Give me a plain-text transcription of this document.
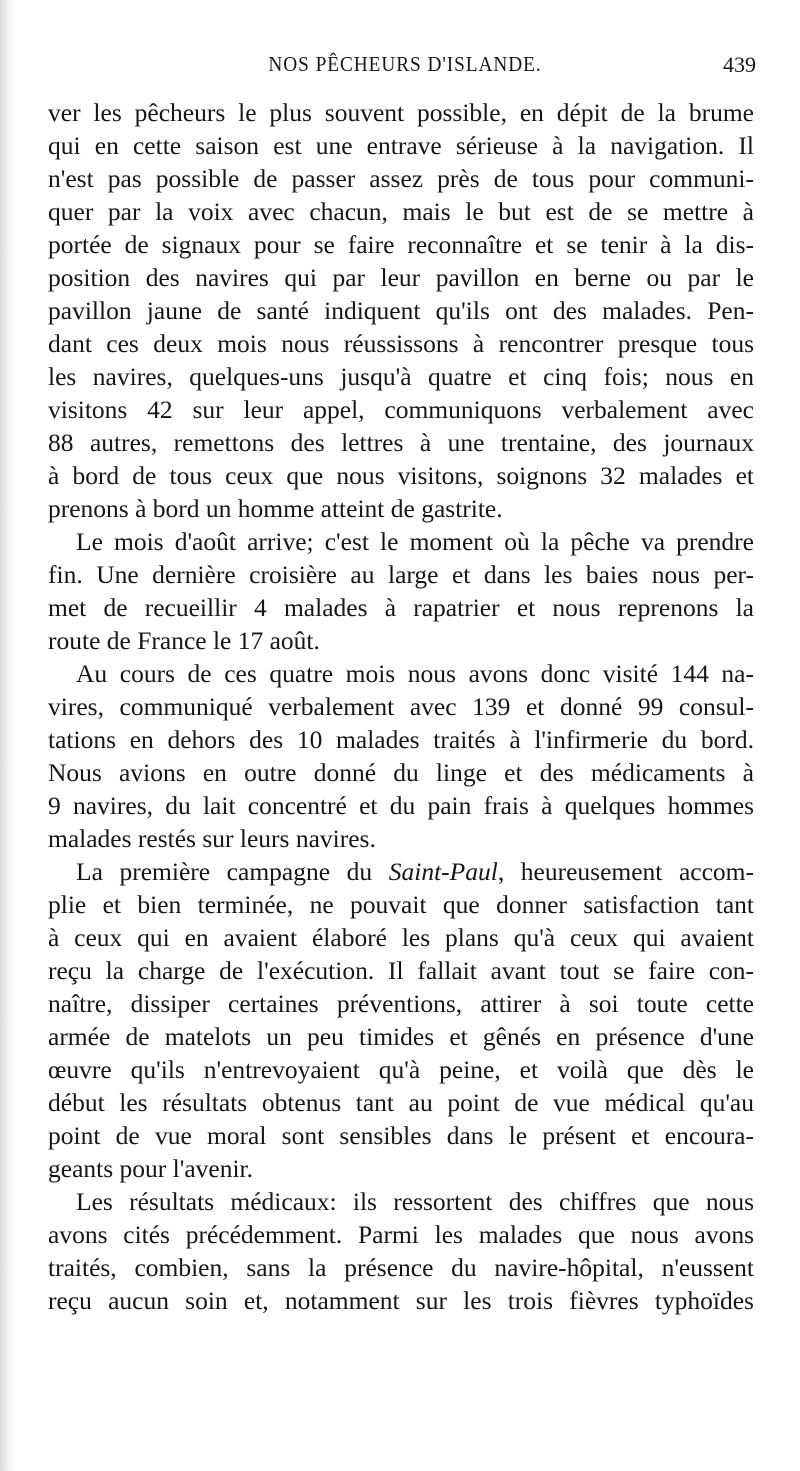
NOS PÊCHEURS D'ISLANDE.	439
ver les pêcheurs le plus souvent possible, en dépit de la brume
qui en cette saison est une entrave sérieuse à la navigation. Il
n'est pas possible de passer assez près de tous pour communi-
quer par la voix avec chacun, mais le but est de se mettre à
portée de signaux pour se faire reconnaître et se tenir à la dis-
position des navires qui par leur pavillon en berne ou par le
pavillon jaune de santé indiquent qu'ils ont des malades. Pen-
dant ces deux mois nous réussissons à rencontrer presque tous
les navires, quelques-uns jusqu'à quatre et cinq fois; nous en
visitons 42 sur leur appel, communiquons verbalement avec
88 autres, remettons des lettres à une trentaine, des journaux
à bord de tous ceux que nous visitons, soignons 32 malades et
prenons à bord un homme atteint de gastrite.
Le mois d'août arrive; c'est le moment où la pêche va prendre
fin. Une dernière croisière au large et dans les baies nous per-
met de recueillir 4 malades à rapatrier et nous reprenons la
route de France le 17 août.
Au cours de ces quatre mois nous avons donc visité 144 na-
vires, communiqué verbalement avec 139 et donné 99 consul-
tations en dehors des 10 malades traités à l'infirmerie du bord.
Nous avions en outre donné du linge et des médicaments à
9 navires, du lait concentré et du pain frais à quelques hommes
malades restés sur leurs navires.
La première campagne du Saint-Paul, heureusement accom-
plie et bien terminée, ne pouvait que donner satisfaction tant
à ceux qui en avaient élaboré les plans qu'à ceux qui avaient
reçu la charge de l'exécution. Il fallait avant tout se faire con-
naître, dissiper certaines préventions, attirer à soi toute cette
armée de matelots un peu timides et gênés en présence d'une
œuvre qu'ils n'entrevoyaient qu'à peine, et voilà que dès le
début les résultats obtenus tant au point de vue médical qu'au
point de vue moral sont sensibles dans le présent et encoura-
geants pour l'avenir.
Les résultats médicaux: ils ressortent des chiffres que nous
avons cités précédemment. Parmi les malades que nous avons
traités, combien, sans la présence du navire-hôpital, n'eussent
reçu aucun soin et, notamment sur les trois fièvres typhoïdes
